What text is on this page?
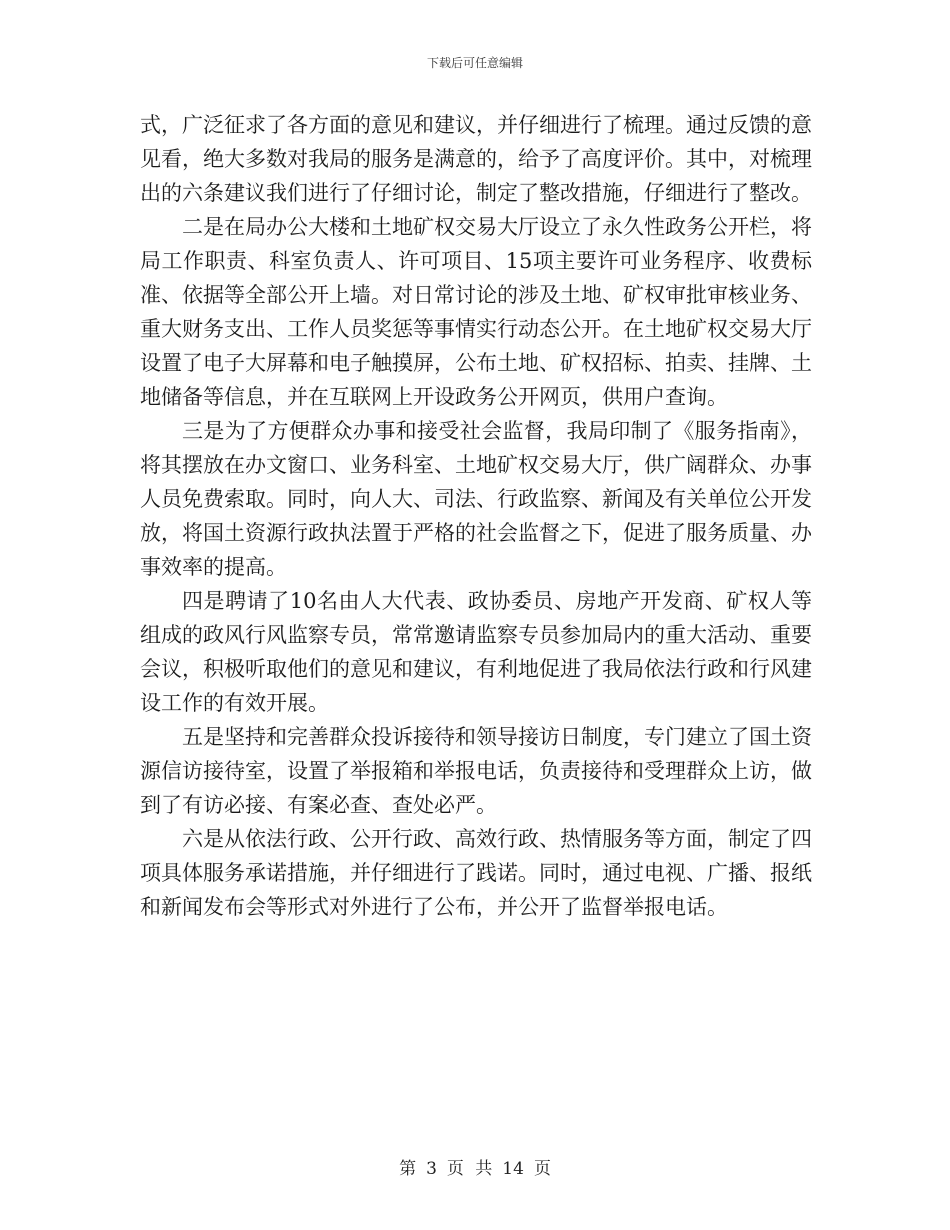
下载后可任意编辑

式，广泛征求了各方面的意见和建议，并仔细进行了梳理。通过反馈的意见看，绝大多数对我局的服务是满意的，给予了高度评价。其中，对梳理出的六条建议我们进行了仔细讨论，制定了整改措施，仔细进行了整改。

二是在局办公大楼和土地矿权交易大厅设立了永久性政务公开栏，将局工作职责、科室负责人、许可项目、15项主要许可业务程序、收费标准、依据等全部公开上墙。对日常讨论的涉及土地、矿权审批审核业务、重大财务支出、工作人员奖惩等事情实行动态公开。在土地矿权交易大厅设置了电子大屏幕和电子触摸屏，公布土地、矿权招标、拍卖、挂牌、土地储备等信息，并在互联网上开设政务公开网页，供用户查询。

三是为了方便群众办事和接受社会监督，我局印制了《服务指南》，将其摆放在办文窗口、业务科室、土地矿权交易大厅，供广阔群众、办事人员免费索取。同时，向人大、司法、行政监察、新闻及有关单位公开发放，将国土资源行政执法置于严格的社会监督之下，促进了服务质量、办事效率的提高。

四是聘请了10名由人大代表、政协委员、房地产开发商、矿权人等组成的政风行风监察专员，常常邀请监察专员参加局内的重大活动、重要会议，积极听取他们的意见和建议，有利地促进了我局依法行政和行风建设工作的有效开展。

五是坚持和完善群众投诉接待和领导接访日制度，专门建立了国土资源信访接待室，设置了举报箱和举报电话，负责接待和受理群众上访，做到了有访必接、有案必查、查处必严。

六是从依法行政、公开行政、高效行政、热情服务等方面，制定了四项具体服务承诺措施，并仔细进行了践诺。同时，通过电视、广播、报纸和新闻发布会等形式对外进行了公布，并公开了监督举报电话。

第 3 页 共 14 页
